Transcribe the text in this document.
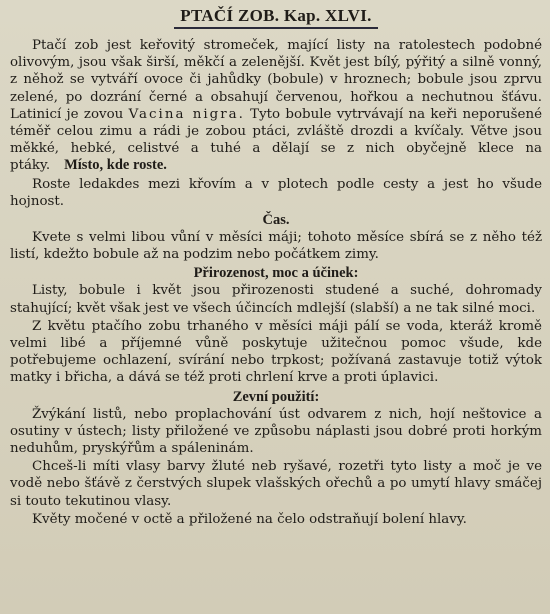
PTAČÍ ZOB. Kap. XLVI.

Ptačí zob jest keřovitý stromeček, mající listy na ratolestech podobné olivovým, jsou však širší, měkčí a zelenější. Květ jest bílý, pýřitý a silně vonný, z něhož se vytváří ovoce či jahůdky (bobule) v hroznech; bobule jsou zprvu zelené, po dozrání černé a obsahují červenou, hořkou a nechutnou šťávu. Latinicí je zovou Vacina nigra. Tyto bobule vytrvávají na keři neporušené téměř celou zimu a rádi je zobou ptáci, zvláště drozdi a kvíčaly. Větve jsou měkké, hebké, celistvé a tuhé a dělají se z nich obyčejně klece na ptáky. Místo, kde roste.

Roste ledakdes mezi křovím a v plotech podle cesty a jest ho všude hojnost.

Čas.

Kvete s velmi libou vůní v měsíci máji; tohoto měsíce sbírá se z něho též listí, kdežto bobule až na podzim nebo počátkem zimy.

Přirozenost, moc a účinek:

Listy, bobule i květ jsou přirozenosti studené a suché, dohromady stahující; květ však jest ve všech účincích mdlejší (slabší) a ne tak silné moci.

Z květu ptačího zobu trhaného v měsíci máji pálí se voda, kteráž kromě velmi libé a příjemné vůně poskytuje užitečnou pomoc všude, kde potřebujeme ochlazení, svírání nebo trpkost; požívaná zastavuje totiž výtok matky i břicha, a dává se též proti chrlení krve a proti úplavici.

Zevní použití:

Žvýkání listů, nebo proplachování úst odvarem z nich, hojí neštovice a osutiny v ústech; listy přiložené ve způsobu náplasti jsou dobré proti horkým neduhům, pryskýřům a spáleninám.

Chceš-li míti vlasy barvy žluté neb ryšavé, rozetři tyto listy a moč je ve vodě nebo šťávě z čerstvých slupek vlašských ořechů a po umytí hlavy smáčej si touto tekutinou vlasy.

Květy močené v octě a přiložené na čelo odstraňují bolení hlavy.
